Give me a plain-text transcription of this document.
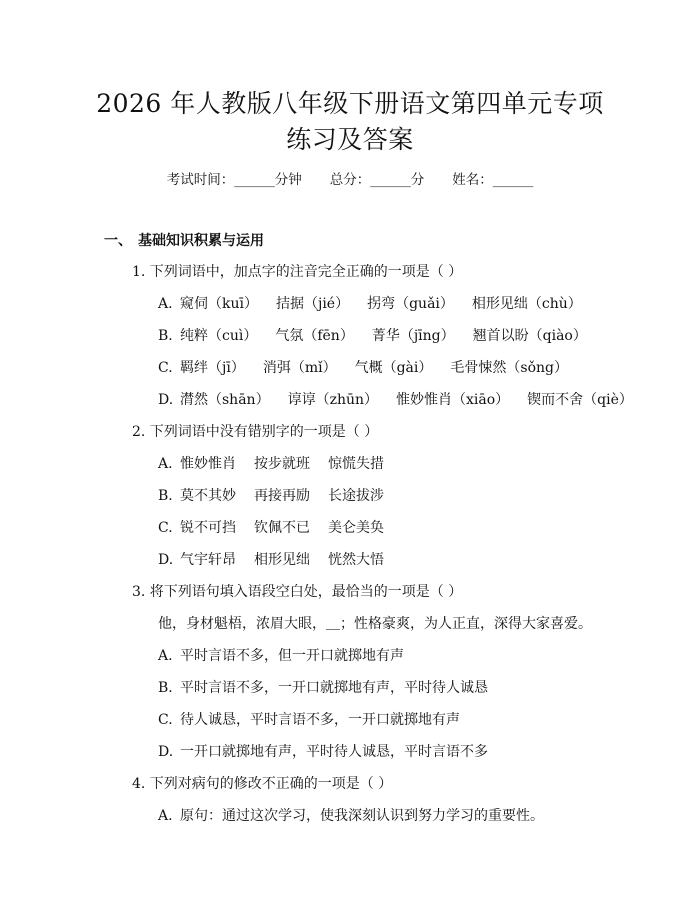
2026 年人教版八年级下册语文第四单元专项
练习及答案
考试时间：______分钟 总分：______分 姓名：______
一、 基础知识积累与运用
1. 下列词语中，加点字的注音完全正确的一项是（ ）
A. 窥伺（kuī） 拮据（jié） 拐弯（guǎi） 相形见绌（chù）
B. 纯粹（cuì） 气氛（fēn） 菁华（jīng） 翘首以盼（qiào）
C. 羁绊（jī） 消弭（mǐ） 气概（gài） 毛骨悚然（sǒng）
D. 潸然（shān） 谆谆（zhūn） 惟妙惟肖（xiāo） 锲而不舍（qiè）
2. 下列词语中没有错别字的一项是（ ）
A. 惟妙惟肖 按步就班 惊慌失措
B. 莫不其妙 再接再励 长途拔涉
C. 锐不可挡 钦佩不已 美仑美奂
D. 气宇轩昂 相形见绌 恍然大悟
3. 将下列语句填入语段空白处，最恰当的一项是（ ）
他，身材魁梧，浓眉大眼，＿；性格豪爽，为人正直，深得大家喜爱。
A. 平时言语不多，但一开口就掷地有声
B. 平时言语不多，一开口就掷地有声，平时待人诚恳
C. 待人诚恳，平时言语不多，一开口就掷地有声
D. 一开口就掷地有声，平时待人诚恳，平时言语不多
4. 下列对病句的修改不正确的一项是（ ）
A. 原句：通过这次学习，使我深刻认识到努力学习的重要性。
